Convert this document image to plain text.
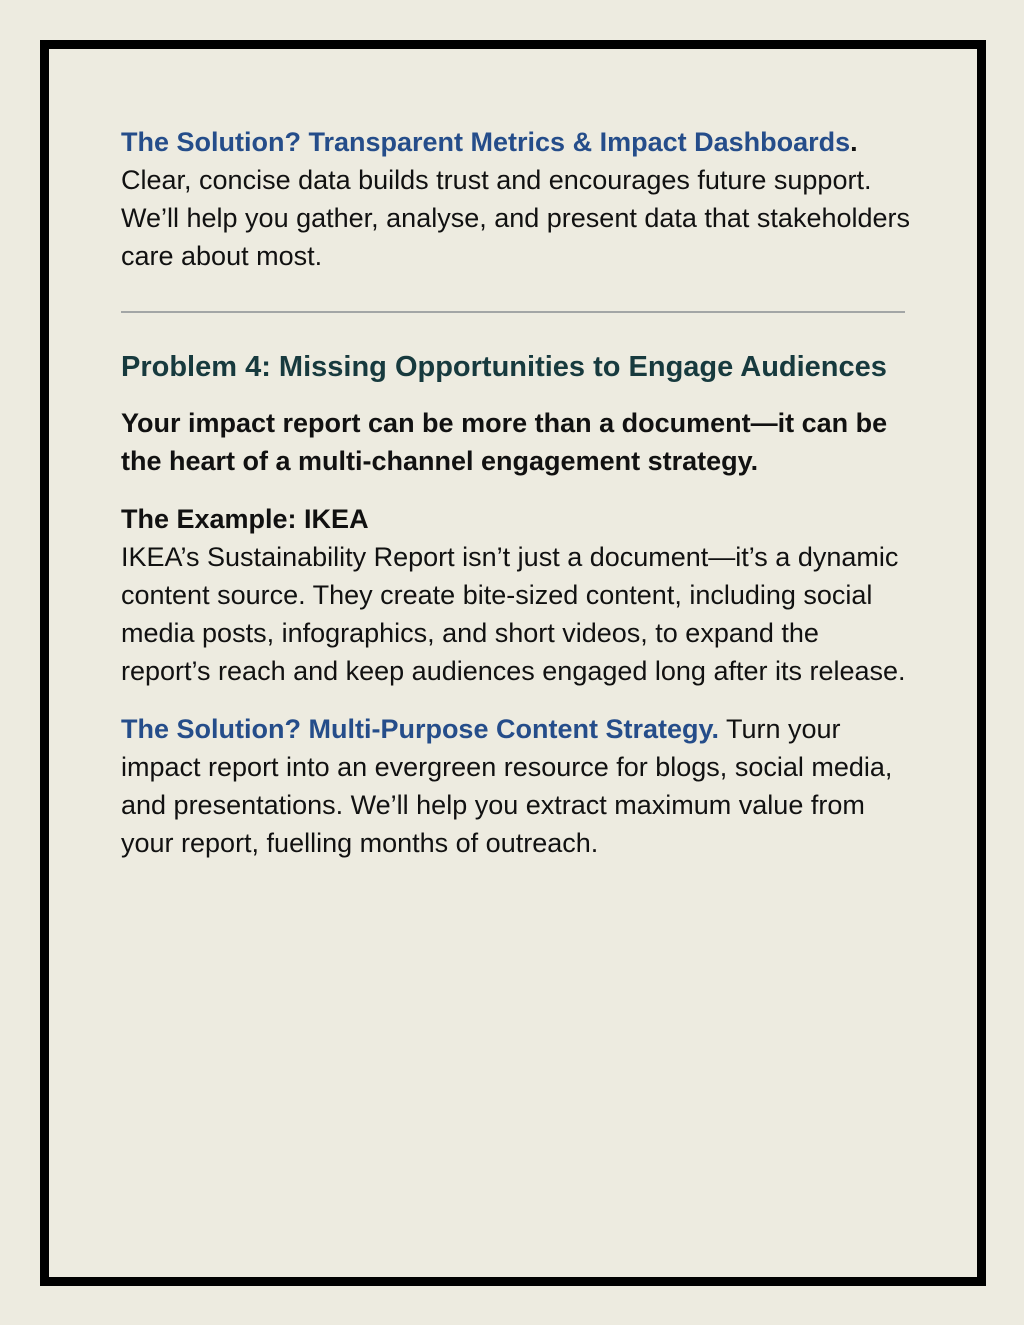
The Solution? Transparent Metrics & Impact Dashboards.
Clear, concise data builds trust and encourages future support. We’ll help you gather, analyse, and present data that stakeholders care about most.

Problem 4: Missing Opportunities to Engage Audiences

Your impact report can be more than a document—it can be the heart of a multi-channel engagement strategy.

The Example: IKEA
IKEA’s Sustainability Report isn’t just a document—it’s a dynamic content source. They create bite-sized content, including social media posts, infographics, and short videos, to expand the report’s reach and keep audiences engaged long after its release.

The Solution? Multi-Purpose Content Strategy. Turn your impact report into an evergreen resource for blogs, social media, and presentations. We’ll help you extract maximum value from your report, fuelling months of outreach.
